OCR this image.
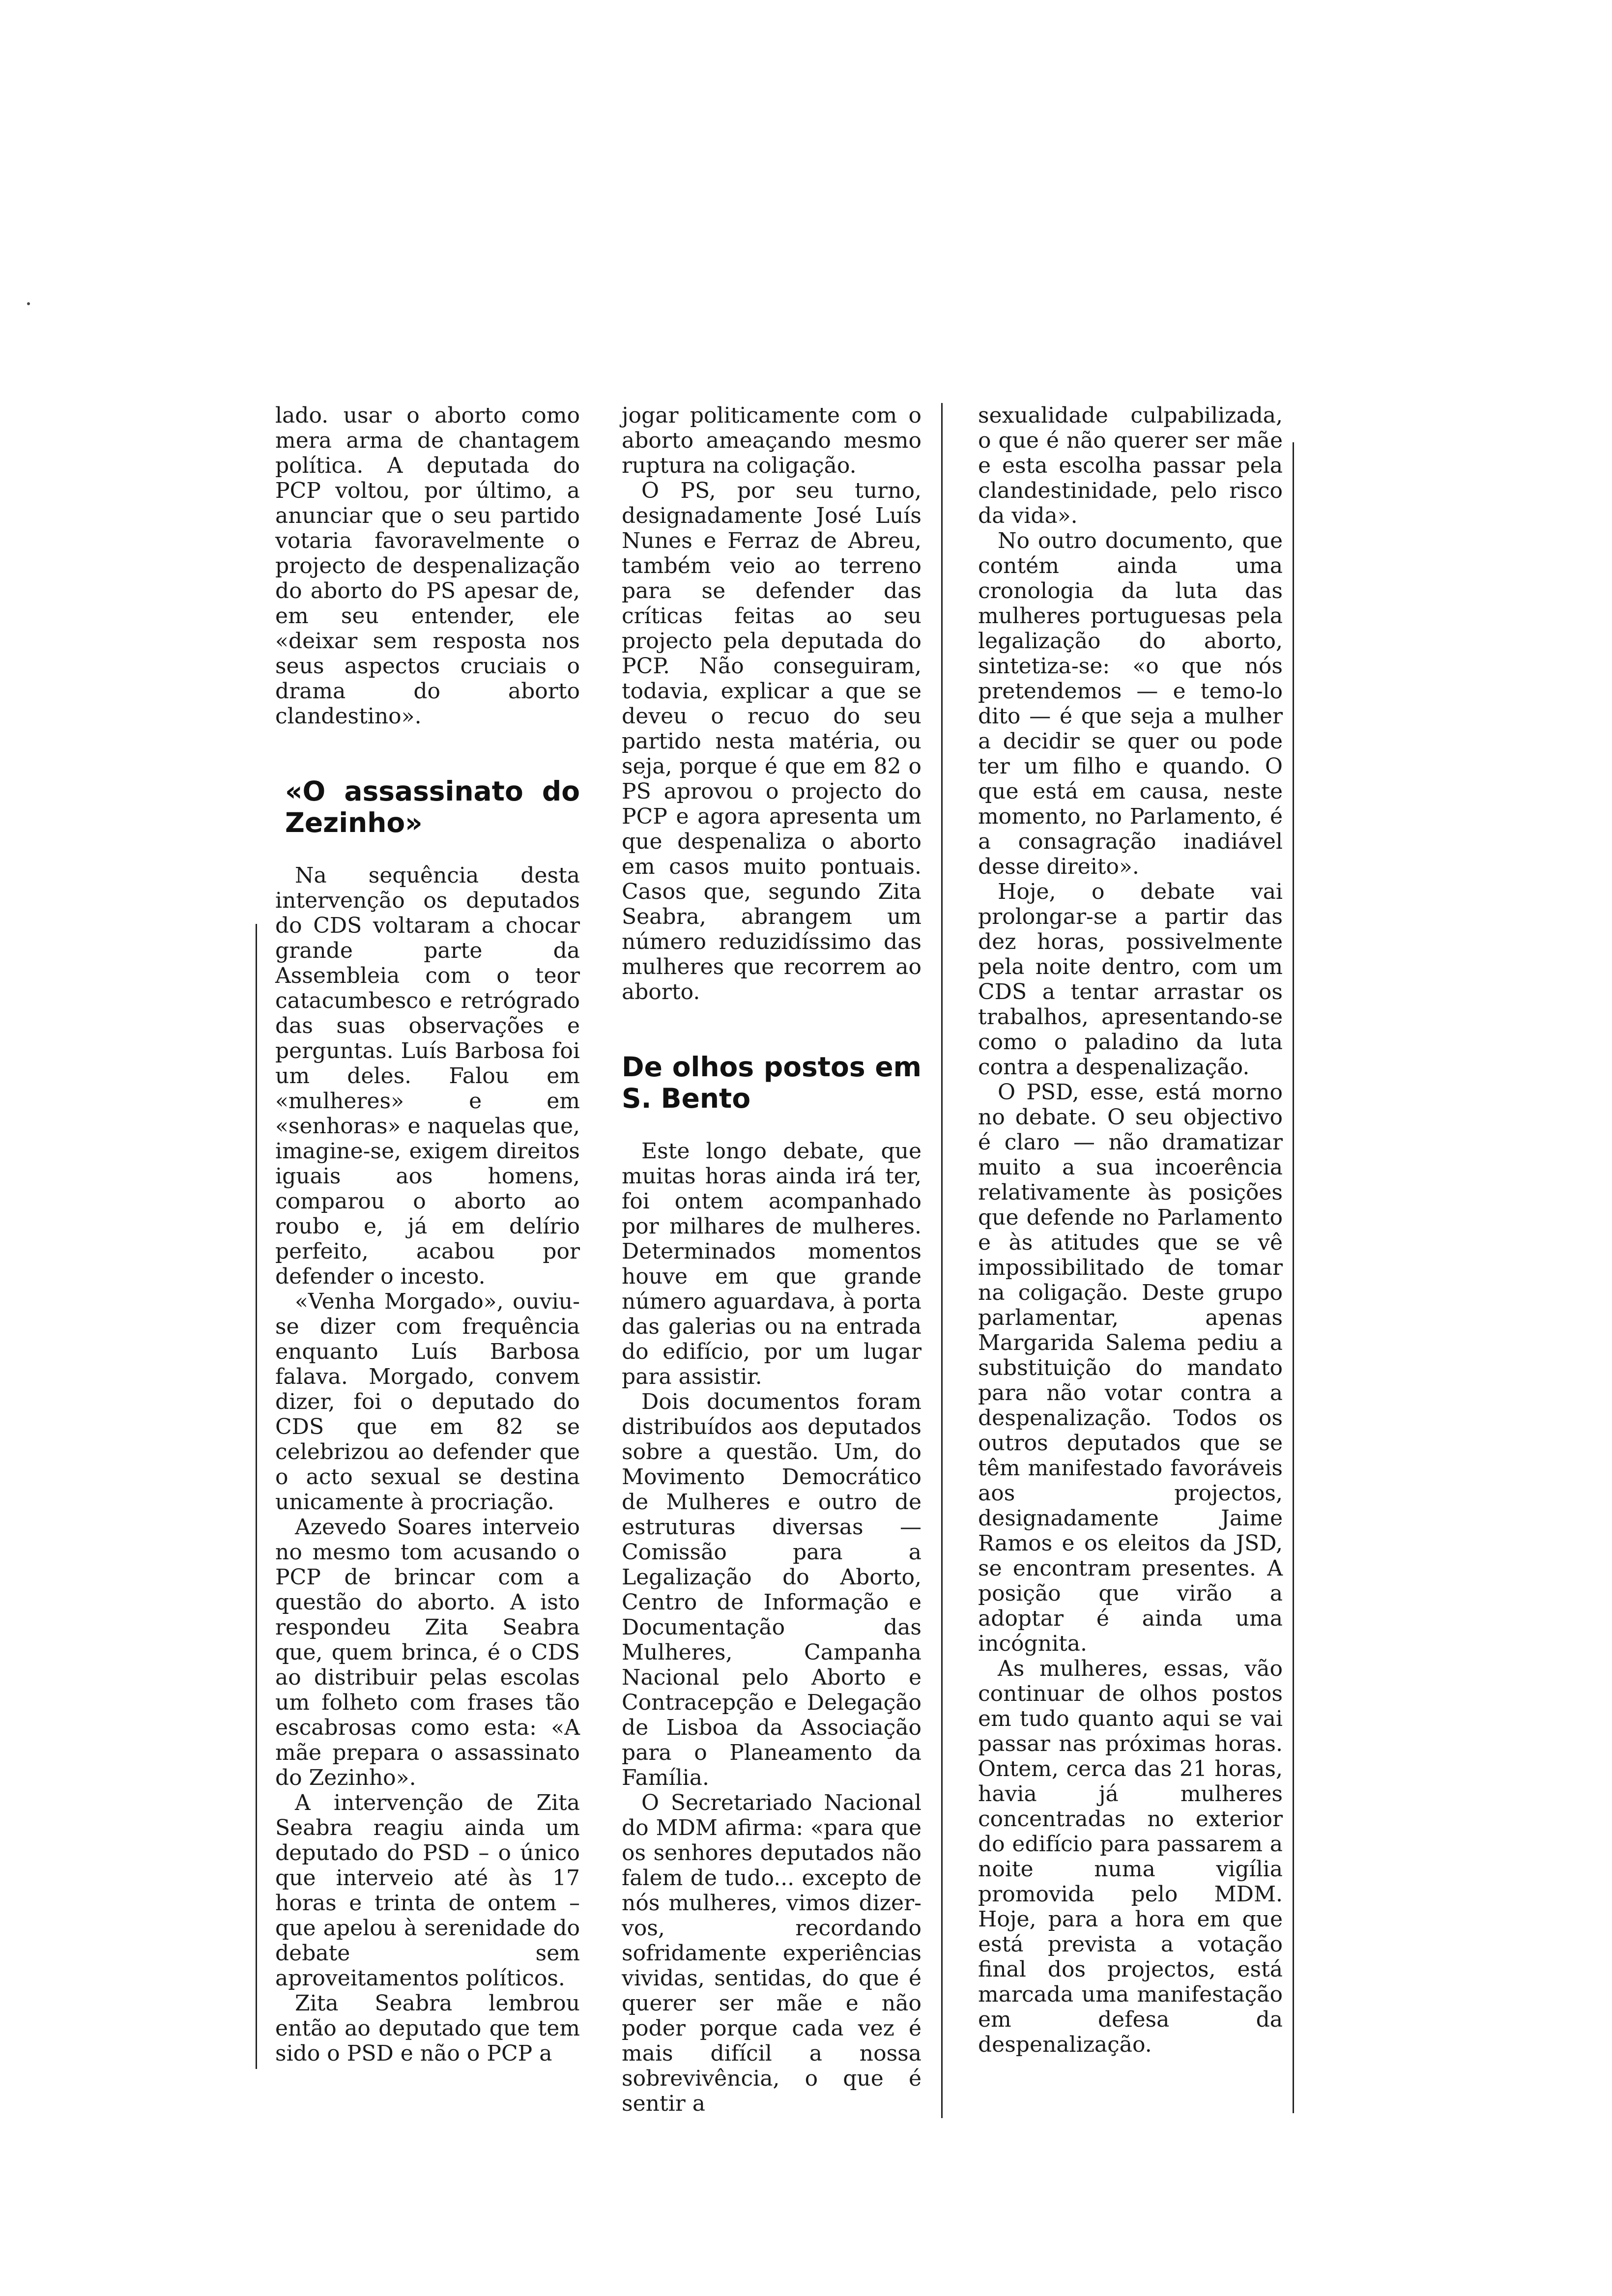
lado. usar o aborto como mera arma de chantagem política. A deputada do PCP voltou, por último, a anunciar que o seu partido votaria favoravelmente o projecto de despenalização do aborto do PS apesar de, em seu entender, ele «deixar sem resposta nos seus aspectos cruciais o drama do aborto clandestino».

«O assassinato do Zezinho»

Na sequência desta intervenção os deputados do CDS voltaram a chocar grande parte da Assembleia com o teor catacumbesco e retrógrado das suas observações e perguntas. Luís Barbosa foi um deles. Falou em «mulheres» e em «senhoras» e naquelas que, imagine-se, exigem direitos iguais aos homens, comparou o aborto ao roubo e, já em delírio perfeito, acabou por defender o incesto.

«Venha Morgado», ouviu-se dizer com frequência enquanto Luís Barbosa falava. Morgado, convem dizer, foi o deputado do CDS que em 82 se celebrizou ao defender que o acto sexual se destina unicamente à procriação.

Azevedo Soares interveio no mesmo tom acusando o PCP de brincar com a questão do aborto. A isto respondeu Zita Seabra que, quem brinca, é o CDS ao distribuir pelas escolas um folheto com frases tão escabrosas como esta: «A mãe prepara o assassinato do Zezinho».

A intervenção de Zita Seabra reagiu ainda um deputado do PSD – o único que interveio até às 17 horas e trinta de ontem – que apelou à serenidade do debate sem aproveitamentos políticos.

Zita Seabra lembrou então ao deputado que tem sido o PSD e não o PCP a

jogar politicamente com o aborto ameaçando mesmo ruptura na coligação.

O PS, por seu turno, designadamente José Luís Nunes e Ferraz de Abreu, também veio ao terreno para se defender das críticas feitas ao seu projecto pela deputada do PCP. Não conseguiram, todavia, explicar a que se deveu o recuo do seu partido nesta matéria, ou seja, porque é que em 82 o PS aprovou o projecto do PCP e agora apresenta um que despenaliza o aborto em casos muito pontuais. Casos que, segundo Zita Seabra, abrangem um número reduzidíssimo das mulheres que recorrem ao aborto.

De olhos postos em S. Bento

Este longo debate, que muitas horas ainda irá ter, foi ontem acompanhado por milhares de mulheres. Determinados momentos houve em que grande número aguardava, à porta das galerias ou na entrada do edifício, por um lugar para assistir.

Dois documentos foram distribuídos aos deputados sobre a questão. Um, do Movimento Democrático de Mulheres e outro de estruturas diversas — Comissão para a Legalização do Aborto, Centro de Informação e Documentação das Mulheres, Campanha Nacional pelo Aborto e Contracepção e Delegação de Lisboa da Associação para o Planeamento da Família.

O Secretariado Nacional do MDM afirma: «para que os senhores deputados não falem de tudo... excepto de nós mulheres, vimos dizer-vos, recordando sofridamente experiências vividas, sentidas, do que é querer ser mãe e não poder porque cada vez é mais difícil a nossa sobrevivência, o que é sentir a

sexualidade culpabilizada, o que é não querer ser mãe e esta escolha passar pela clandestinidade, pelo risco da vida».

No outro documento, que contém ainda uma cronologia da luta das mulheres portuguesas pela legalização do aborto, sintetiza-se: «o que nós pretendemos — e temo-lo dito — é que seja a mulher a decidir se quer ou pode ter um filho e quando. O que está em causa, neste momento, no Parlamento, é a consagração inadiável desse direito».

Hoje, o debate vai prolongar-se a partir das dez horas, possivelmente pela noite dentro, com um CDS a tentar arrastar os trabalhos, apresentando-se como o paladino da luta contra a despenalização.

O PSD, esse, está morno no debate. O seu objectivo é claro — não dramatizar muito a sua incoerência relativamente às posições que defende no Parlamento e às atitudes que se vê impossibilitado de tomar na coligação. Deste grupo parlamentar, apenas Margarida Salema pediu a substituição do mandato para não votar contra a despenalização. Todos os outros deputados que se têm manifestado favoráveis aos projectos, designadamente Jaime Ramos e os eleitos da JSD, se encontram presentes. A posição que virão a adoptar é ainda uma incógnita.

As mulheres, essas, vão continuar de olhos postos em tudo quanto aqui se vai passar nas próximas horas. Ontem, cerca das 21 horas, havia já mulheres concentradas no exterior do edifício para passarem a noite numa vigília promovida pelo MDM. Hoje, para a hora em que está prevista a votação final dos projectos, está marcada uma manifestação em defesa da despenalização.
